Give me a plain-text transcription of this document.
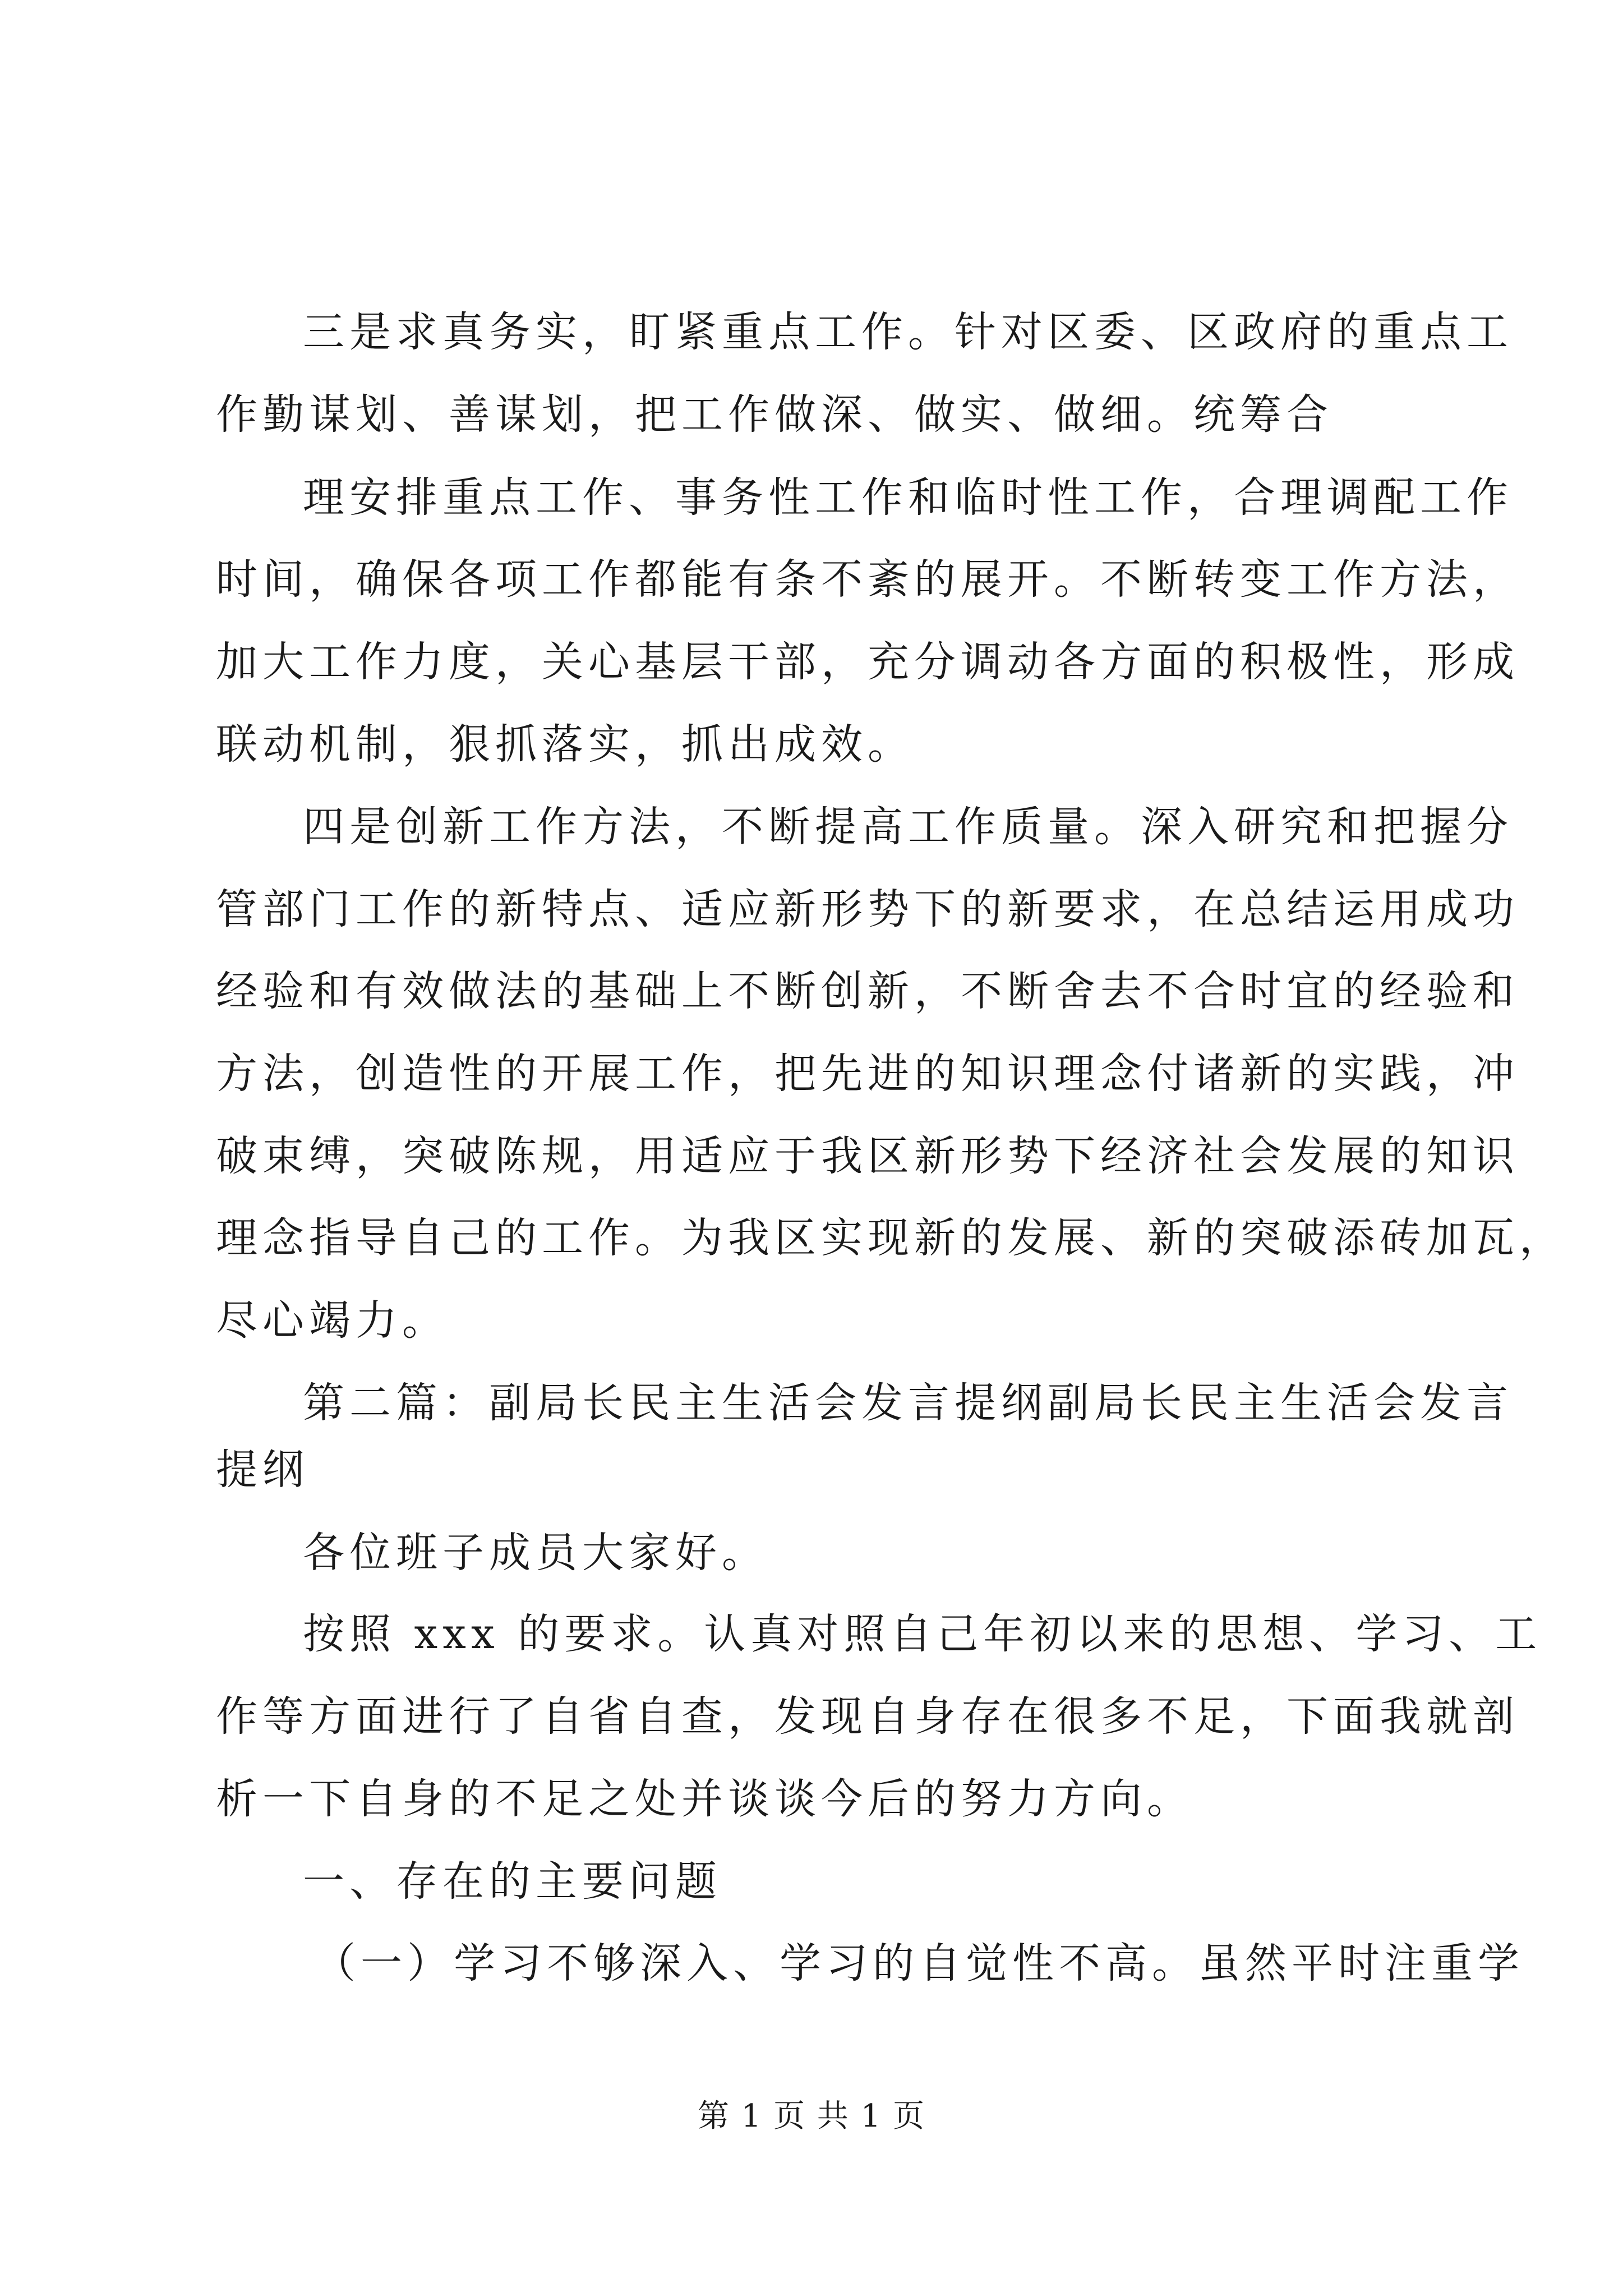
三是求真务实，盯紧重点工作。针对区委、区政府的重点工
作勤谋划、善谋划，把工作做深、做实、做细。统筹合
理安排重点工作、事务性工作和临时性工作，合理调配工作
时间，确保各项工作都能有条不紊的展开。不断转变工作方法，
加大工作力度，关心基层干部，充分调动各方面的积极性，形成
联动机制，狠抓落实，抓出成效。
四是创新工作方法，不断提高工作质量。深入研究和把握分
管部门工作的新特点、适应新形势下的新要求，在总结运用成功
经验和有效做法的基础上不断创新，不断舍去不合时宜的经验和
方法，创造性的开展工作，把先进的知识理念付诸新的实践，冲
破束缚，突破陈规，用适应于我区新形势下经济社会发展的知识
理念指导自己的工作。为我区实现新的发展、新的突破添砖加瓦，
尽心竭力。
第二篇：副局长民主生活会发言提纲副局长民主生活会发言
提纲
各位班子成员大家好。
按照 xxx 的要求。认真对照自己年初以来的思想、学习、工
作等方面进行了自省自查，发现自身存在很多不足，下面我就剖
析一下自身的不足之处并谈谈今后的努力方向。
一、存在的主要问题
（一）学习不够深入、学习的自觉性不高。虽然平时注重学
第 1 页 共 1 页
